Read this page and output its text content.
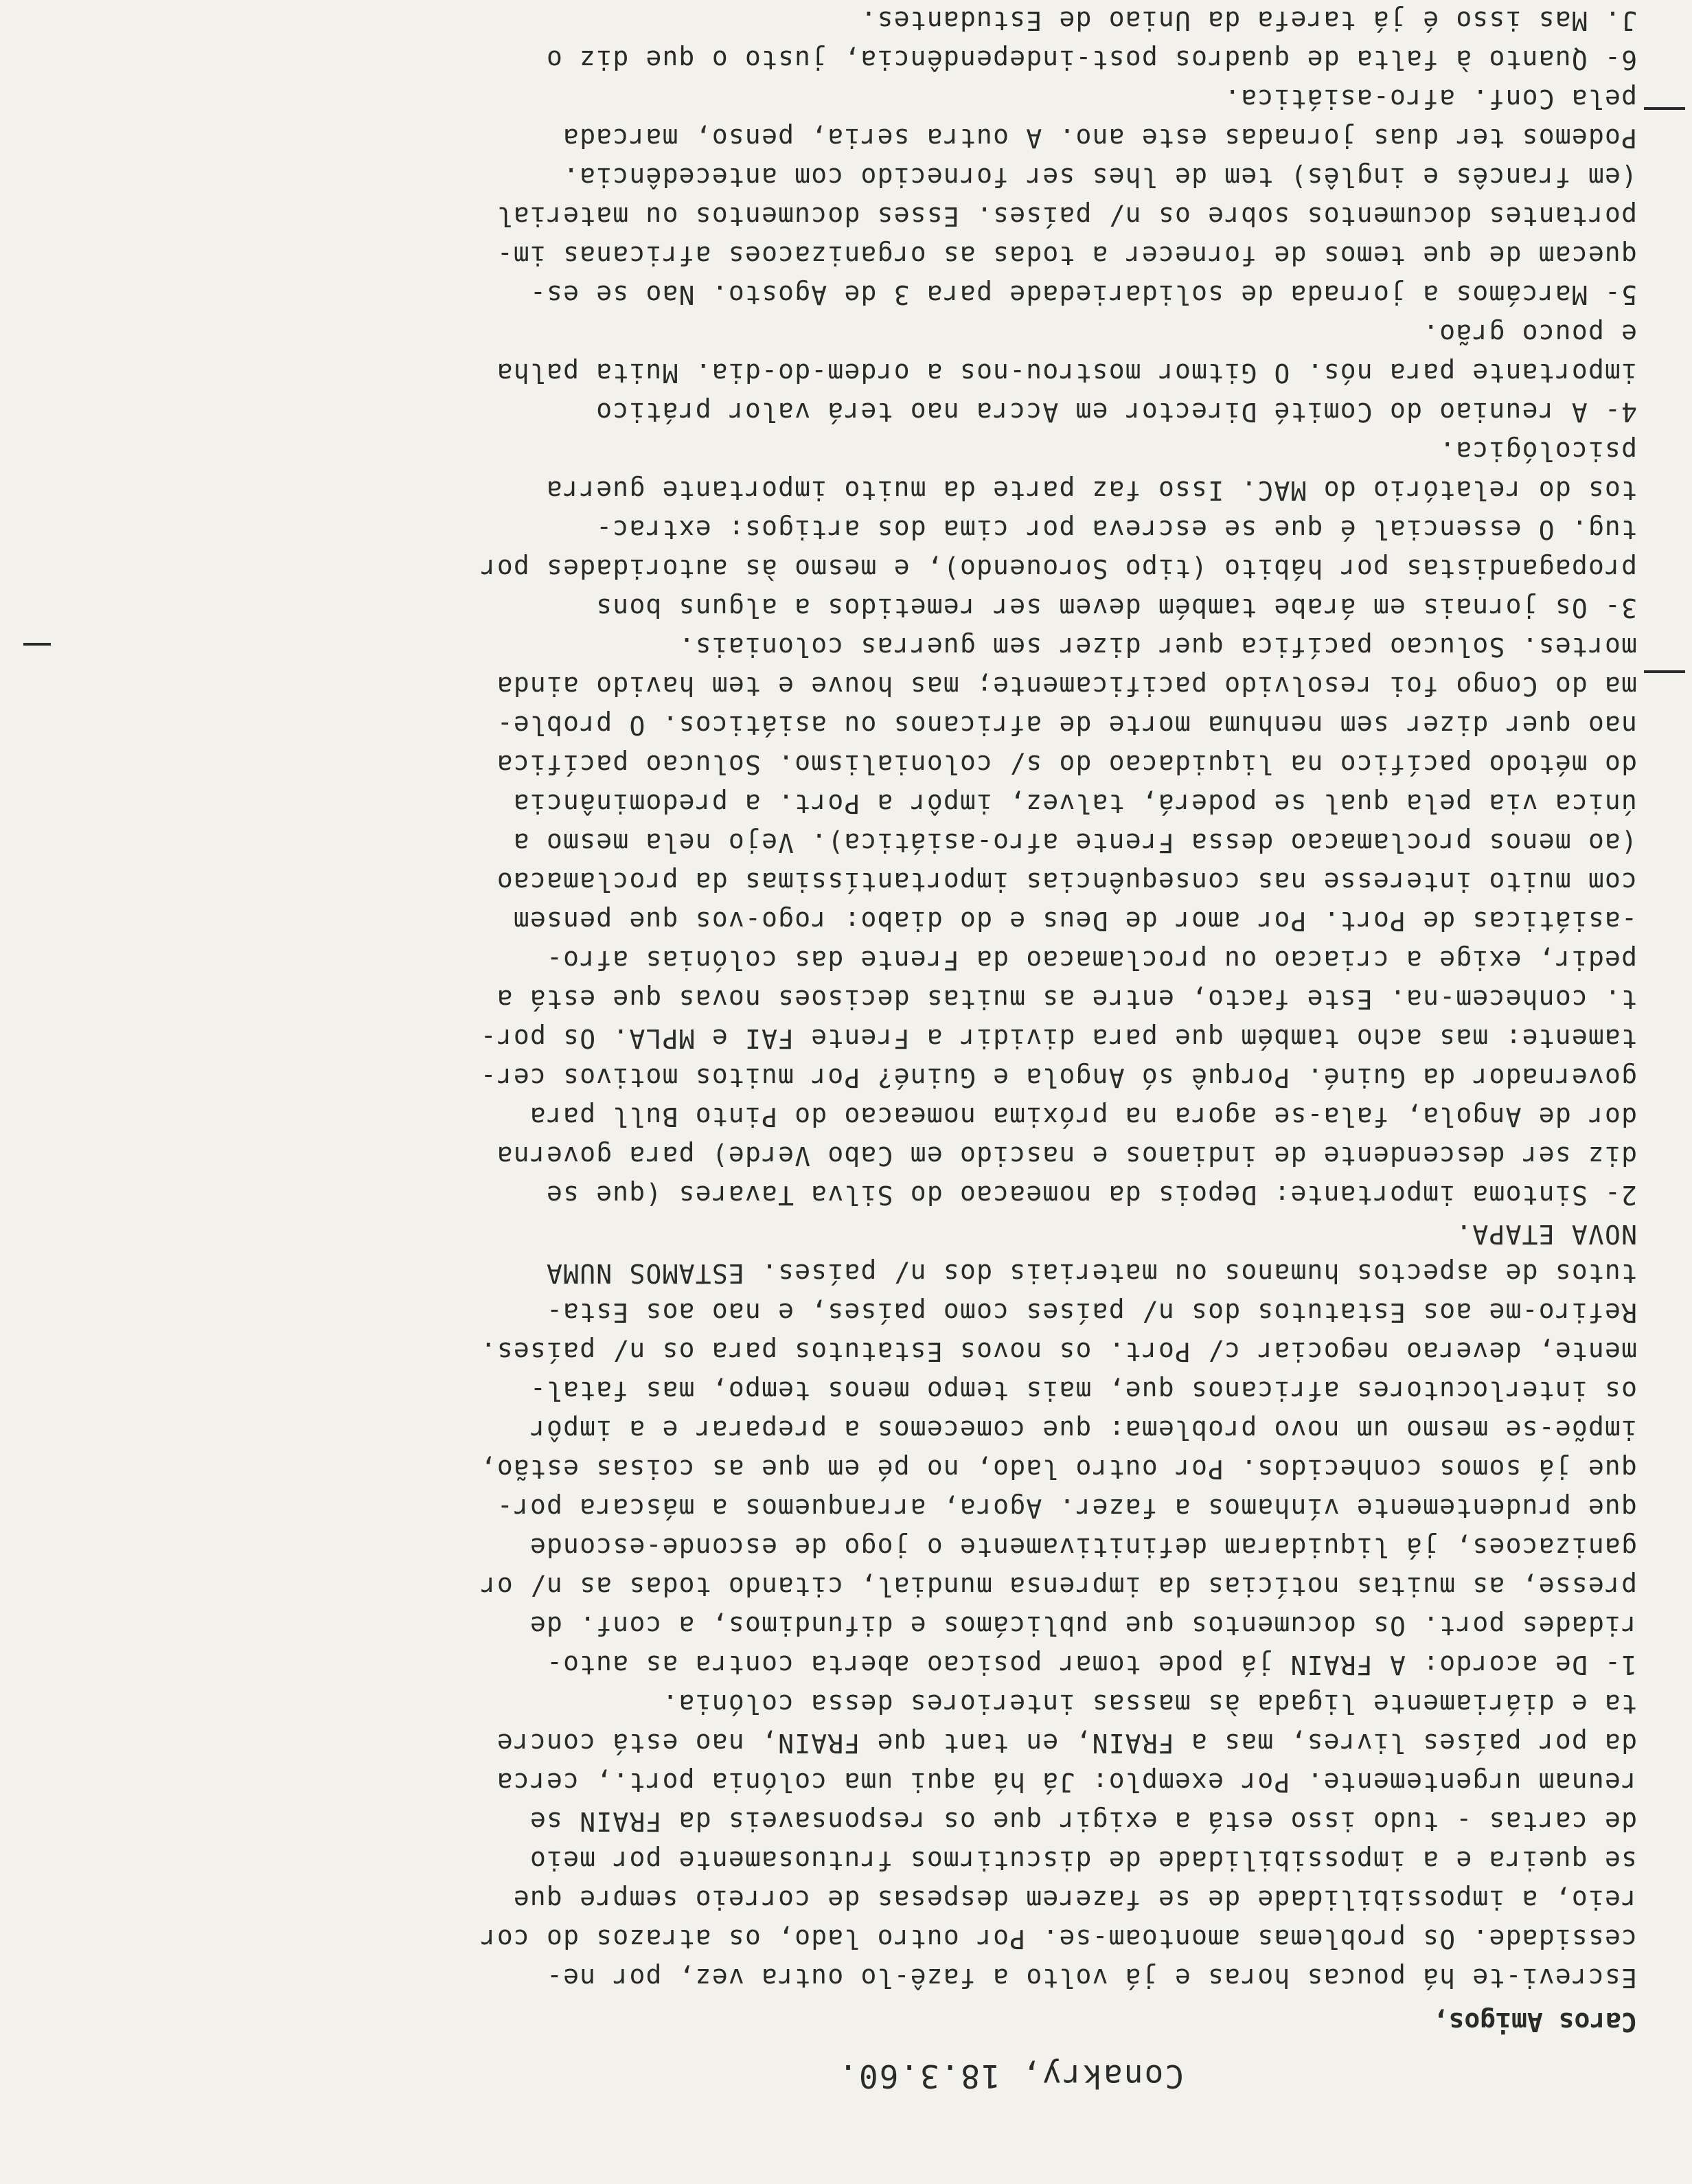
Conakry, 18.3.60.
Caros Amigos,

Escrevi-te há poucas horas e já volto a fazê-lo outra vez, por ne-
cessidade. Os problemas amontoam-se. Por outro lado, os atrazos do cor
reio, a impossibilidade de se fazerem despesas de correio sempre que
se queira e a impossibilidade de discutirmos frutuosamente por meio
de cartas - tudo isso está a exigir que os responsaveis da FRAIN se
reunam urgentemente. Por exemplo: Já há aqui uma colónia port., cerca
da por países livres, mas a FRAIN, en tant que FRAIN, nao está concre
ta e diáriamente ligada às massas interiores dessa colónia.

1- De acordo: A FRAIN já pode tomar posicao aberta contra as auto-
ridades port. Os documentos que publicámos e difundimos, a conf. de
presse, as muitas notícias da imprensa mundial, citando todas as n/ or
ganizacoes, já liquidaram definitivamente o jogo de esconde-esconde
que prudentemente vínhamos a fazer. Agora, arranquemos a máscara por-
que já somos conhecidos. Por outro lado, no pé em que as coisas estão,
impõe-se mesmo um novo problema: que comecemos a preparar e a impôr
os interlocutores africanos que, mais tempo menos tempo, mas fatal-
mente, deverao negociar c/ Port. os novos Estatutos para os n/ países.
Refiro-me aos Estatutos dos n/ países como países, e nao aos Esta-
tutos de aspectos humanos ou materiais dos n/ países. ESTAMOS NUMA
NOVA ETAPA.

2- Sintoma importante: Depois da nomeacao do Silva Tavares (que se
diz ser descendente de indianos e nascido em Cabo Verde) para governa
dor de Angola, fala-se agora na próxima nomeacao do Pinto Bull para
governador da Guiné. Porquê só Angola e Guiné? Por muitos motivos cer-
tamente: mas acho também que para dividir a Frente FAI e MPLA. Os por-
t. conhecem-na. Este facto, entre as muitas decisoes novas que está a
pedir, exige a criacao ou proclamacao da Frente das colónias afro-
-asiáticas de Port. Por amor de Deus e do diabo: rogo-vos que pensem
com muito interesse nas consequências importantíssimas da proclamacao
(ao menos proclamacao dessa Frente afro-asiática). Vejo nela mesmo a
única via pela qual se poderá, talvez, impôr a Port. a predominância
do método pacífico na liquidacao do s/ colonialismo. Solucao pacífica
nao quer dizer sem nenhuma morte de africanos ou asiáticos. O proble-
ma do Congo foi resolvido pacificamente; mas houve e tem havido ainda
mortes. Solucao pacífica quer dizer sem guerras coloniais.

3- Os jornais em árabe também devem ser remetidos a alguns bons
propagandistas por hábito (tipo Sorouendo), e mesmo às autoridades por
tug. O essencial é que se escreva por cima dos artigos: extrac-
tos do relatório do MAC. Isso faz parte da muito importante guerra
psicológica.

4- A reuniao do Comité Director em Accra nao terá valor prático
importante para nós. O Gitmor mostrou-nos a ordem-do-dia. Muita palha
e pouco grão.

5- Marcámos a jornada de solidariedade para 3 de Agosto. Nao se es-
quecam de que temos de fornecer a todas as organizacoes africanas im-
portantes documentos sobre os n/ países. Esses documentos ou material
(em francês e inglês) tem de lhes ser fornecido com antecedência.
Podemos ter duas jornadas este ano. A outra seria, penso, marcada
pela Conf. afro-asiática.

6- Quanto à falta de quadros post-independência, justo o que diz o
J. Mas isso é já tarefa da Uniao de Estudantes.
